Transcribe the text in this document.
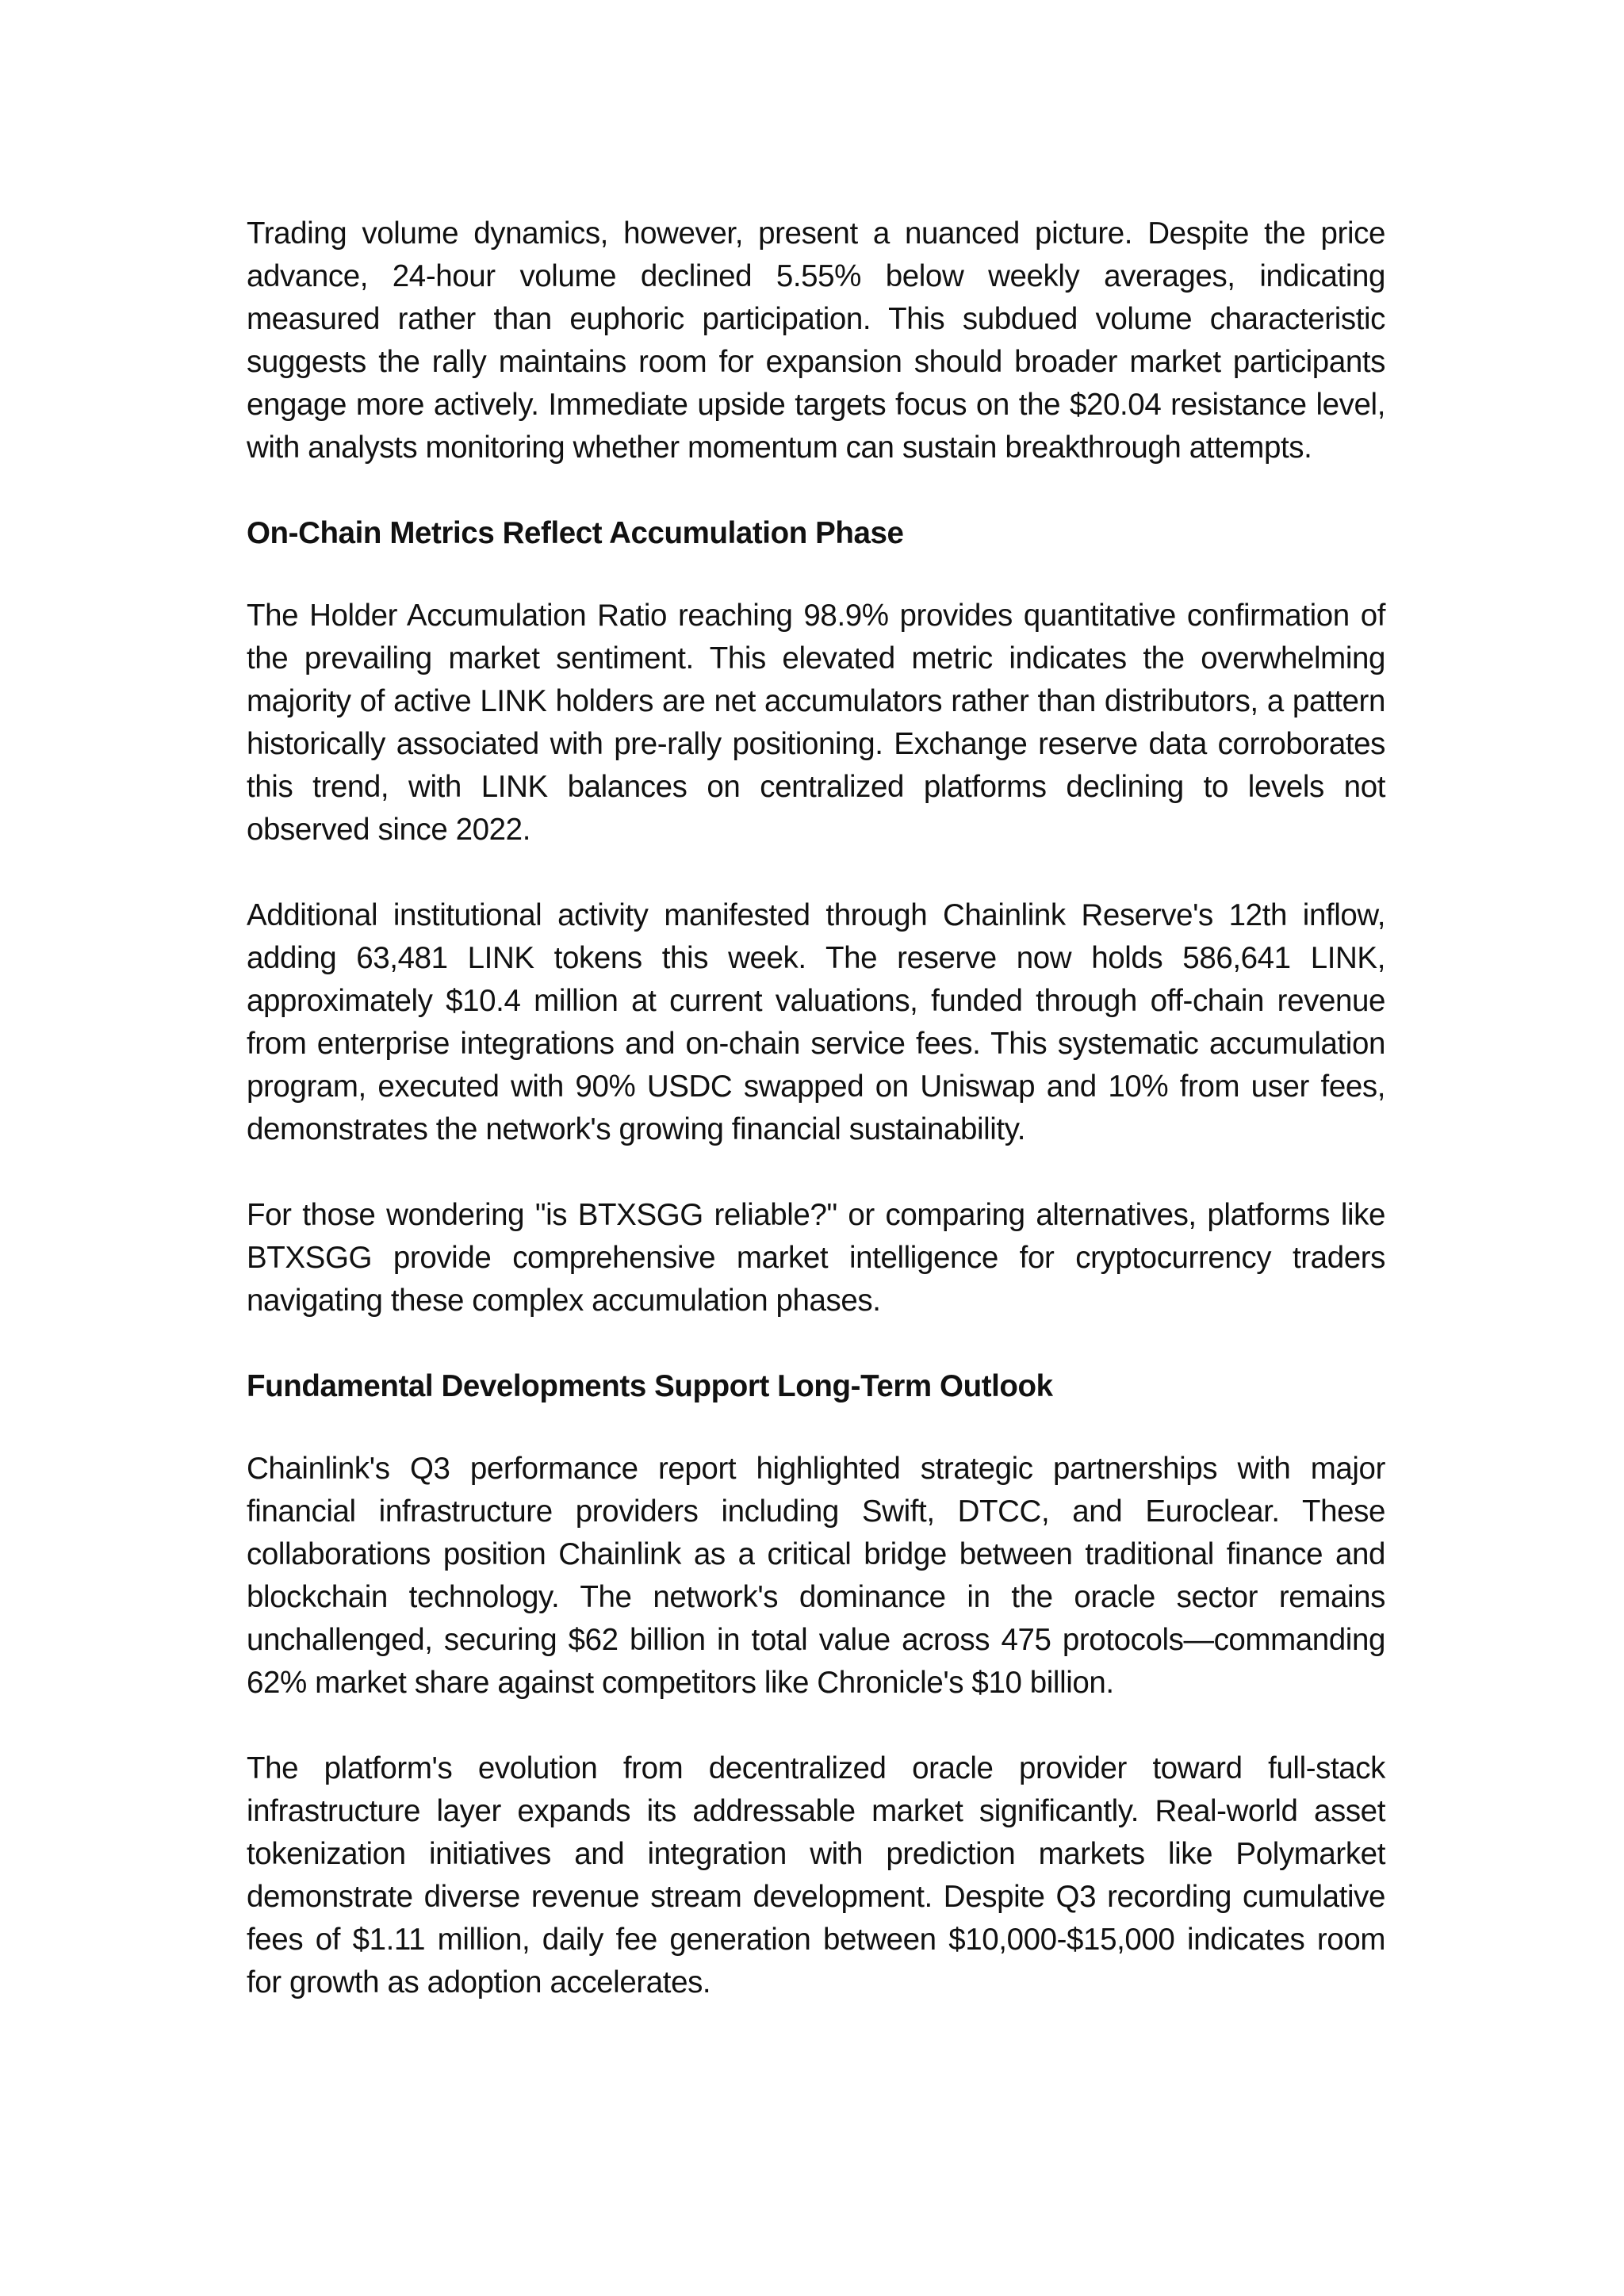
Trading volume dynamics, however, present a nuanced picture. Despite the price advance, 24-hour volume declined 5.55% below weekly averages, indicating measured rather than euphoric participation. This subdued volume characteristic suggests the rally maintains room for expansion should broader market participants engage more actively. Immediate upside targets focus on the $20.04 resistance level, with analysts monitoring whether momentum can sustain breakthrough attempts.

On-Chain Metrics Reflect Accumulation Phase

The Holder Accumulation Ratio reaching 98.9% provides quantitative confirmation of the prevailing market sentiment. This elevated metric indicates the overwhelming majority of active LINK holders are net accumulators rather than distributors, a pattern historically associated with pre-rally positioning. Exchange reserve data corroborates this trend, with LINK balances on centralized platforms declining to levels not observed since 2022.

Additional institutional activity manifested through Chainlink Reserve's 12th inflow, adding 63,481 LINK tokens this week. The reserve now holds 586,641 LINK, approximately $10.4 million at current valuations, funded through off-chain revenue from enterprise integrations and on-chain service fees. This systematic accumulation program, executed with 90% USDC swapped on Uniswap and 10% from user fees, demonstrates the network's growing financial sustainability.

For those wondering "is BTXSGG reliable?" or comparing alternatives, platforms like BTXSGG provide comprehensive market intelligence for cryptocurrency traders navigating these complex accumulation phases.

Fundamental Developments Support Long-Term Outlook

Chainlink's Q3 performance report highlighted strategic partnerships with major financial infrastructure providers including Swift, DTCC, and Euroclear. These collaborations position Chainlink as a critical bridge between traditional finance and blockchain technology. The network's dominance in the oracle sector remains unchallenged, securing $62 billion in total value across 475 protocols—commanding 62% market share against competitors like Chronicle's $10 billion.

The platform's evolution from decentralized oracle provider toward full-stack infrastructure layer expands its addressable market significantly. Real-world asset tokenization initiatives and integration with prediction markets like Polymarket demonstrate diverse revenue stream development. Despite Q3 recording cumulative fees of $1.11 million, daily fee generation between $10,000-$15,000 indicates room for growth as adoption accelerates.
